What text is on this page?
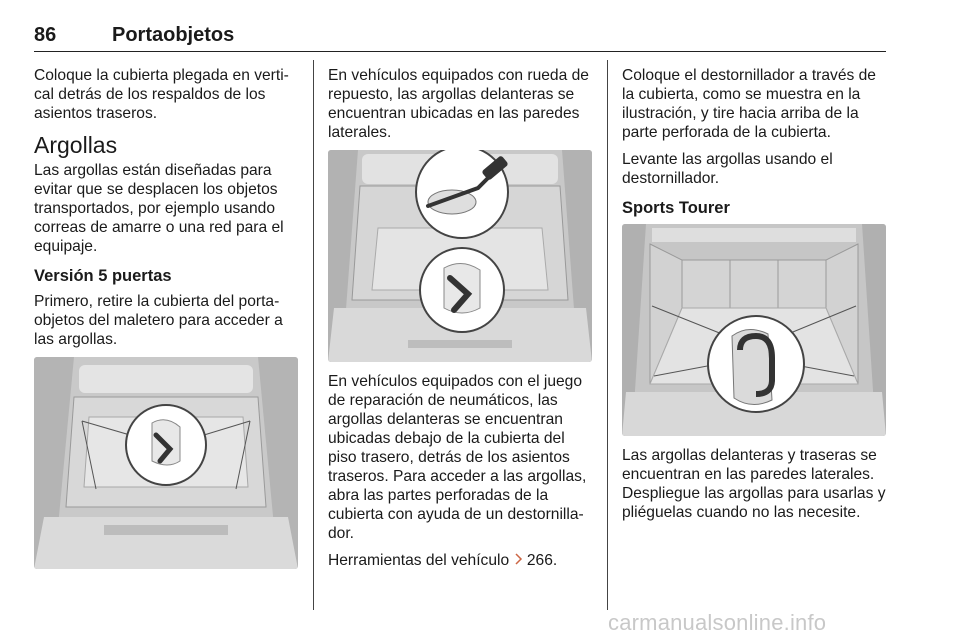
86	Portaobjetos

Coloque la cubierta plegada en verti-cal detrás de los respaldos de los asientos traseros.

Argollas

Las argollas están diseñadas para evitar que se desplacen los objetos transportados, por ejemplo usando correas de amarre o una red para el equipaje.

Versión 5 puertas

Primero, retire la cubierta del porta-objetos del maletero para acceder a las argollas.

En vehículos equipados con rueda de repuesto, las argollas delanteras se encuentran ubicadas en las paredes laterales.

En vehículos equipados con el juego de reparación de neumáticos, las argollas delanteras se encuentran ubicadas debajo de la cubierta del piso trasero, detrás de los asientos traseros. Para acceder a las argollas, abra las partes perforadas de la cubierta con ayuda de un destornilla-dor.

Herramientas del vehículo 266.

Coloque el destornillador a través de la cubierta, como se muestra en la ilustración, y tire hacia arriba de la parte perforada de la cubierta.

Levante las argollas usando el destornillador.

Sports Tourer

Las argollas delanteras y traseras se encuentran en las paredes laterales. Despliegue las argollas para usarlas y pliéguelas cuando no las necesite.

carmanualsonline.info
